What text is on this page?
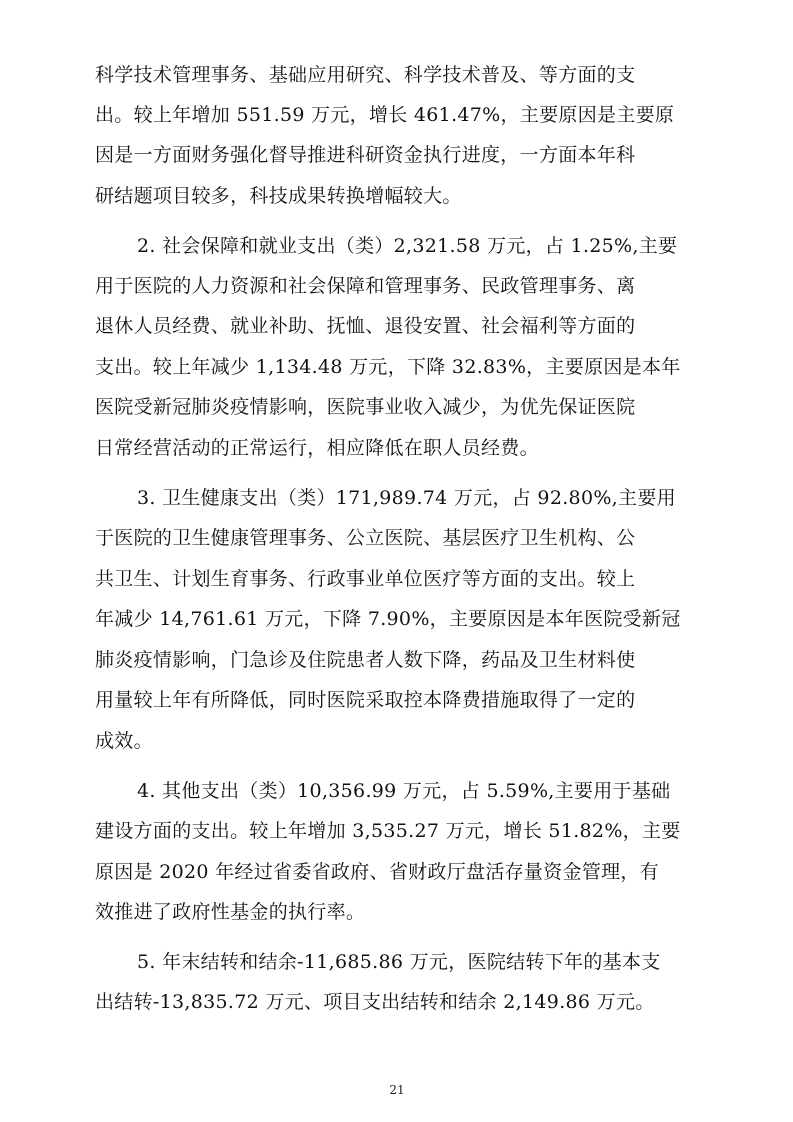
科学技术管理事务、基础应用研究、科学技术普及、等方面的支
出。较上年增加 551.59 万元，增长 461.47%，主要原因是主要原
因是一方面财务强化督导推进科研资金执行进度，一方面本年科
研结题项目较多，科技成果转换增幅较大。
2. 社会保障和就业支出（类）2,321.58 万元，占 1.25%,主要
用于医院的人力资源和社会保障和管理事务、民政管理事务、离
退休人员经费、就业补助、抚恤、退役安置、社会福利等方面的
支出。较上年减少 1,134.48 万元，下降 32.83%，主要原因是本年
医院受新冠肺炎疫情影响，医院事业收入减少，为优先保证医院
日常经营活动的正常运行，相应降低在职人员经费。
3. 卫生健康支出（类）171,989.74 万元，占 92.80%,主要用
于医院的卫生健康管理事务、公立医院、基层医疗卫生机构、公
共卫生、计划生育事务、行政事业单位医疗等方面的支出。较上
年减少 14,761.61 万元，下降 7.90%，主要原因是本年医院受新冠
肺炎疫情影响，门急诊及住院患者人数下降，药品及卫生材料使
用量较上年有所降低，同时医院采取控本降费措施取得了一定的
成效。
4. 其他支出（类）10,356.99 万元，占 5.59%,主要用于基础
建设方面的支出。较上年增加 3,535.27 万元，增长 51.82%，主要
原因是 2020 年经过省委省政府、省财政厅盘活存量资金管理，有
效推进了政府性基金的执行率。
5. 年末结转和结余-11,685.86 万元，医院结转下年的基本支
出结转-13,835.72 万元、项目支出结转和结余 2,149.86 万元。
21
